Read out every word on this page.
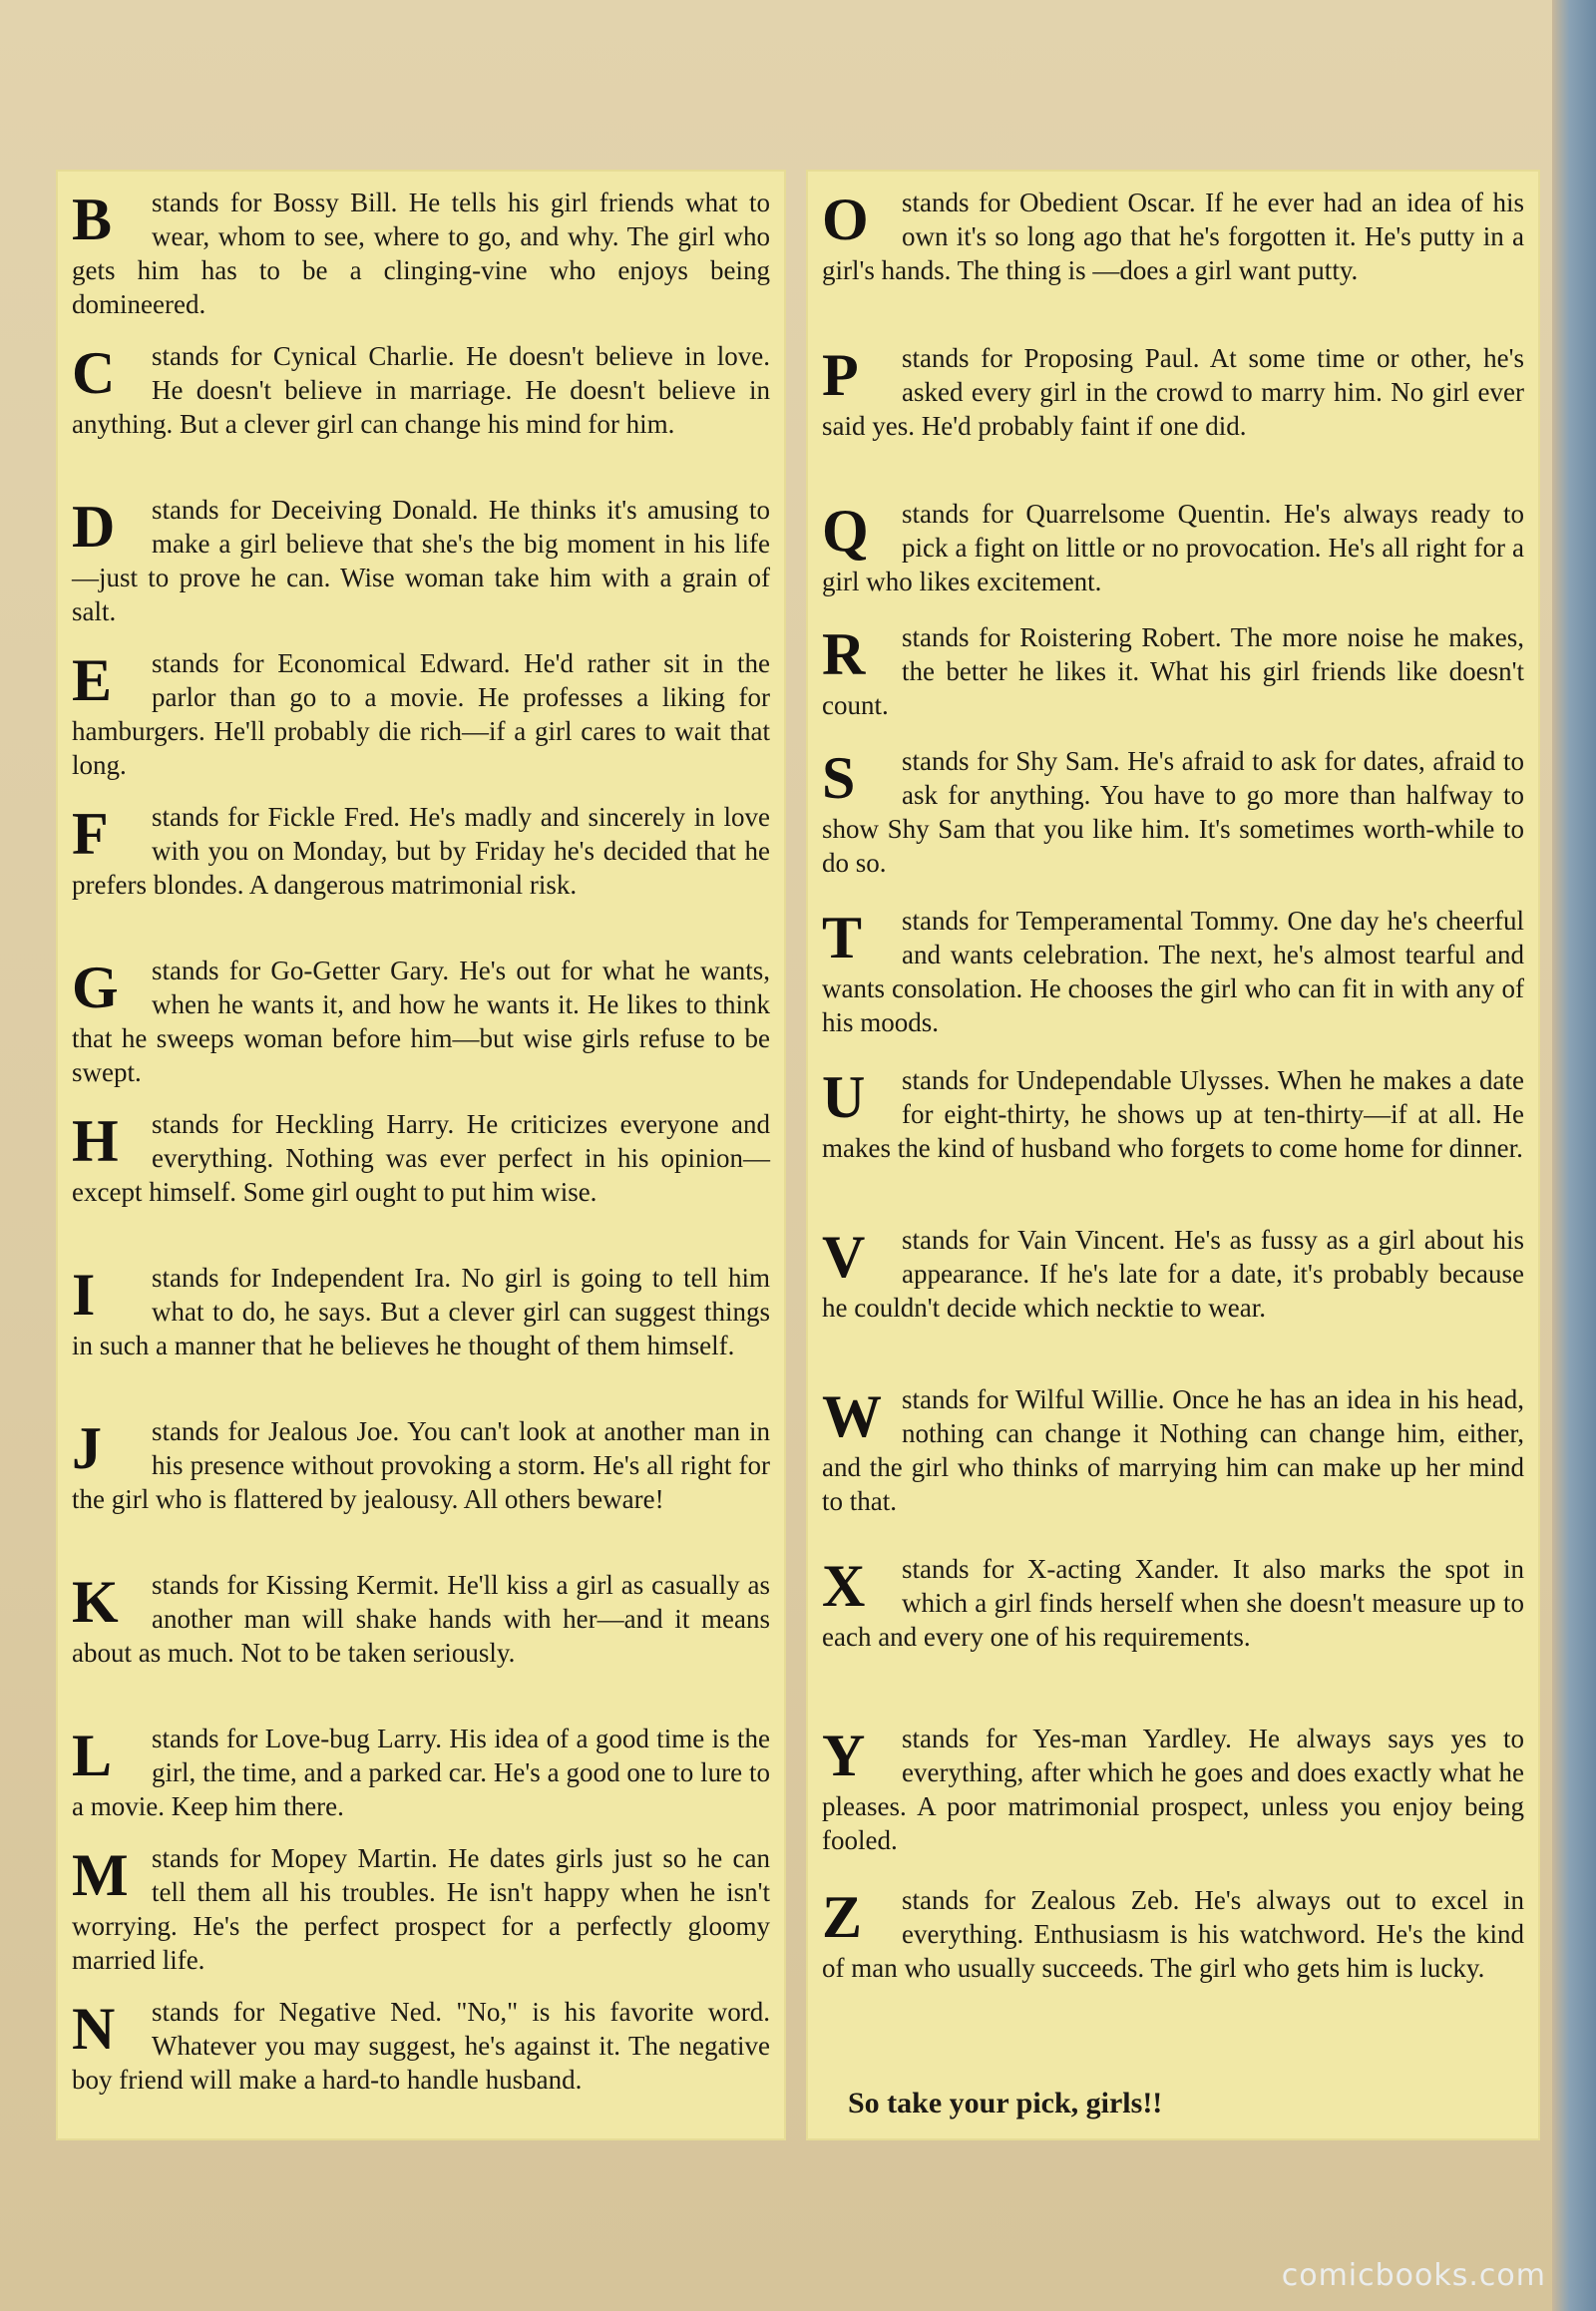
B	stands for Bossy Bill. He tells his girl friends what to wear, whom to see, where to go, and why. The girl who gets him has to be a clinging-vine who enjoys being domineered.
C	stands for Cynical Charlie. He doesn't believe in love. He doesn't believe in marriage. He doesn't believe in anything. But a clever girl can change his mind for him.
D	stands for Deceiving Donald. He thinks it's amusing to make a girl believe that she's the big moment in his life—just to prove he can. Wise woman take him with a grain of salt.
E	stands for Economical Edward. He'd rather sit in the parlor than go to a movie. He professes a liking for hamburgers. He'll probably die rich—if a girl cares to wait that long.
F	stands for Fickle Fred. He's madly and sincerely in love with you on Monday, but by Friday he's decided that he prefers blondes. A dangerous matrimonial risk.
G	stands for Go-Getter Gary. He's out for what he wants, when he wants it, and how he wants it. He likes to think that he sweeps woman before him—but wise girls refuse to be swept.
H	stands for Heckling Harry. He criticizes everyone and everything. Nothing was ever perfect in his opinion—except himself. Some girl ought to put him wise.
I	stands for Independent Ira. No girl is going to tell him what to do, he says. But a clever girl can suggest things in such a manner that he believes he thought of them himself.
J	stands for Jealous Joe. You can't look at another man in his presence without provoking a storm. He's all right for the girl who is flattered by jealousy. All others beware!
K	stands for Kissing Kermit. He'll kiss a girl as casually as another man will shake hands with her—and it means about as much. Not to be taken seriously.
L	stands for Love-bug Larry. His idea of a good time is the girl, the time, and a parked car. He's a good one to lure to a movie. Keep him there.
M stands for Mopey Martin. He dates girls just so he can tell them all his troubles. He isn't happy when he isn't worrying. He's the perfect prospect for a perfectly gloomy married life.
N	stands for Negative Ned. "No," is his favorite word. Whatever you may suggest, he's against it. The negative boy friend will make a hard-to handle husband.
O	stands for Obedient Oscar. If he ever had an idea of his own it's so long ago that he's forgotten it. He's putty in a girl's hands. The thing is —does a girl want putty.
P	stands for Proposing Paul. At some time or other, he's asked every girl in the crowd to marry him. No girl ever said yes. He'd probably faint if one did.
Q	stands for Quarrelsome Quentin. He's always ready to pick a fight on little or no provocation. He's all right for a girl who likes excitement.
R	stands for Roistering Robert. The more noise he makes, the better he likes it. What his girl friends like doesn't count.
S	stands for Shy Sam. He's afraid to ask for dates, afraid to ask for anything. You have to go more than halfway to show Shy Sam that you like him. It's sometimes worth-while to do so.
T	stands for Temperamental Tommy. One day he's cheerful and wants celebration. The next, he's almost tearful and wants consolation. He chooses the girl who can fit in with any of his moods.
U	stands for Undependable Ulysses. When he makes a date for eight-thirty, he shows up at ten-thirty—if at all. He makes the kind of husband who forgets to come home for dinner.
V	stands for Vain Vincent. He's as fussy as a girl about his appearance. If he's late for a date, it's probably because he couldn't decide which necktie to wear.
W stands for Wilful Willie. Once he has an idea in his head, nothing can change it Nothing can change him, either, and the girl who thinks of marrying him can make up her mind to that.
X	stands for X-acting Xander. It also marks the spot in which a girl finds herself when she doesn't measure up to each and every one of his requirements.
Y	stands for Yes-man Yardley. He always says yes to everything, after which he goes and does exactly what he pleases. A poor matrimonial prospect, unless you enjoy being fooled.
Z	stands for Zealous Zeb. He's always out to excel in everything. Enthusiasm is his watchword. He's the kind of man who usually succeeds. The girl who gets him is lucky.
So take your pick, girls!!
comicbooks.com
